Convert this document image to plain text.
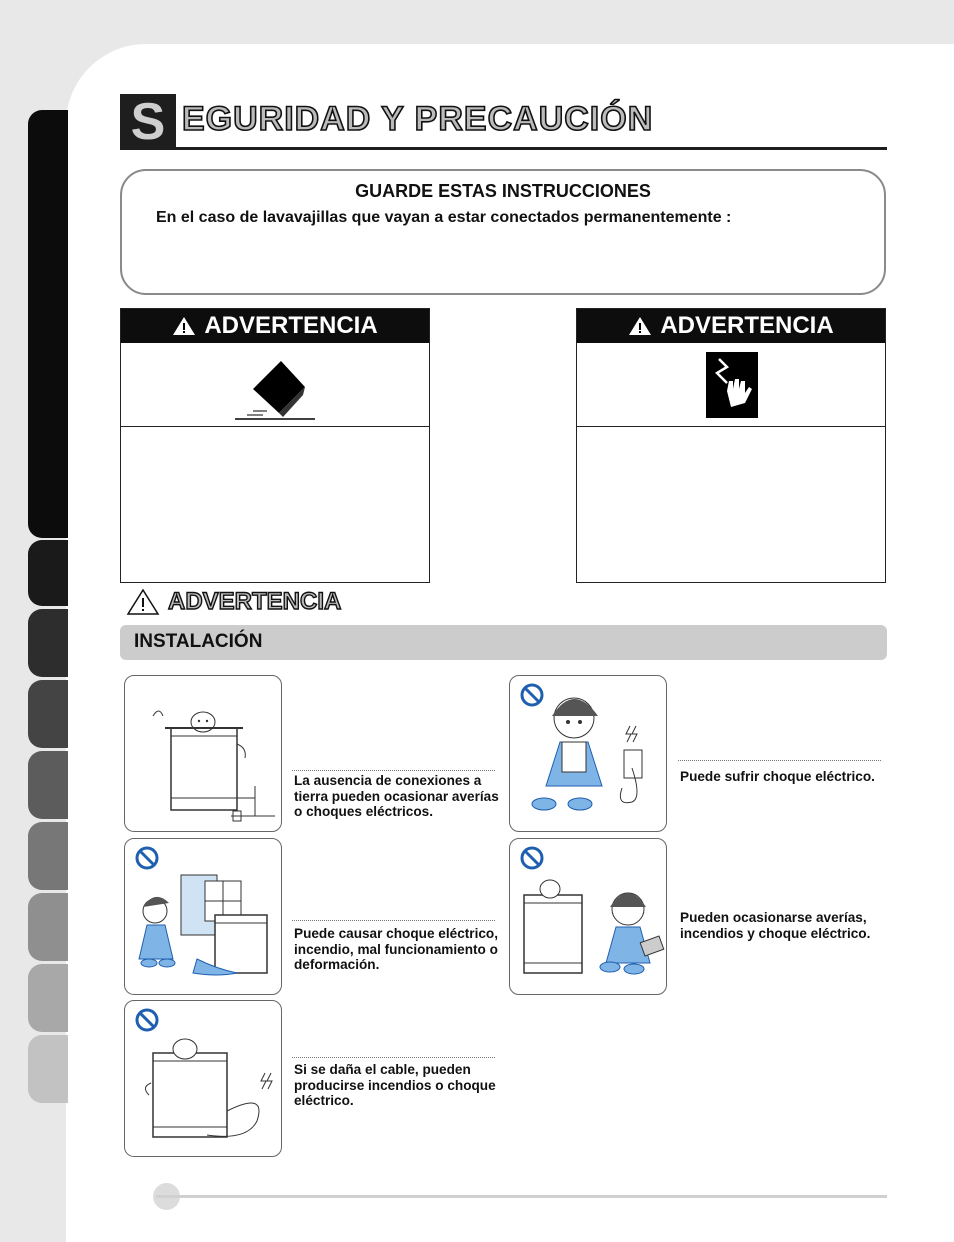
S EGURIDAD Y PRECAUCIÓN
GUARDE ESTAS INSTRUCCIONES
En el caso de lavavajillas que vayan a estar conectados permanentemente :
ADVERTENCIA	ADVERTENCIA
ADVERTENCIA
INSTALACIÓN
La ausencia de conexiones a tierra pueden ocasionar averías o choques eléctricos.
Puede causar choque eléctrico, incendio, mal funcionamiento o deformación.
Si se daña el cable, pueden producirse incendios o choque eléctrico.
Puede sufrir choque eléctrico.
Pueden ocasionarse averías, incendios y choque eléctrico.
